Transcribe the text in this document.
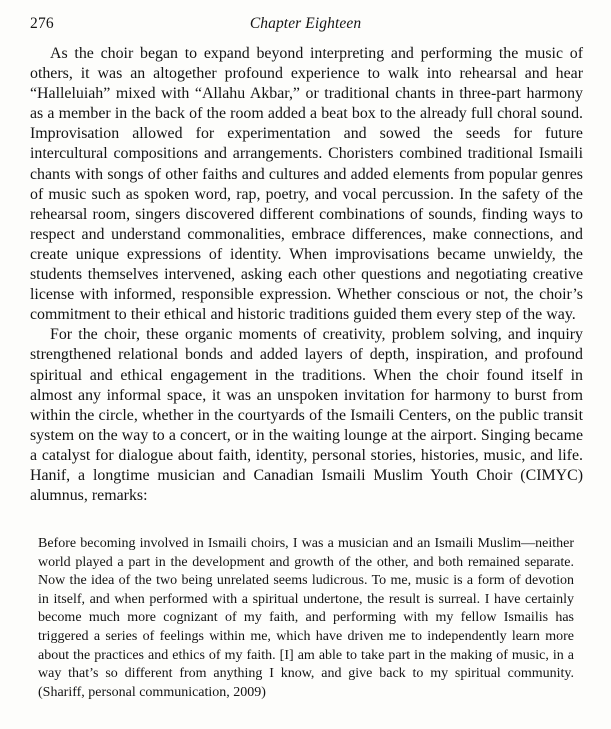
276	Chapter Eighteen

As the choir began to expand beyond interpreting and performing the music of others, it was an altogether profound experience to walk into rehearsal and hear “Halleluiah” mixed with “Allahu Akbar,” or traditional chants in three-part harmony as a member in the back of the room added a beat box to the already full choral sound. Improvisation allowed for experimentation and sowed the seeds for future intercultural compositions and arrangements. Choristers combined traditional Ismaili chants with songs of other faiths and cultures and added elements from popular genres of music such as spoken word, rap, poetry, and vocal percussion. In the safety of the rehearsal room, singers discovered different combinations of sounds, finding ways to respect and understand commonalities, embrace differences, make connections, and create unique expressions of identity. When improvisations became unwieldy, the students themselves intervened, asking each other questions and negotiating creative license with informed, responsible expression. Whether conscious or not, the choir’s commitment to their ethical and historic traditions guided them every step of the way.

For the choir, these organic moments of creativity, problem solving, and inquiry strengthened relational bonds and added layers of depth, inspiration, and profound spiritual and ethical engagement in the traditions. When the choir found itself in almost any informal space, it was an unspoken invitation for harmony to burst from within the circle, whether in the courtyards of the Ismaili Centers, on the public transit system on the way to a concert, or in the waiting lounge at the airport. Singing became a catalyst for dialogue about faith, identity, personal stories, histories, music, and life. Hanif, a longtime musician and Canadian Ismaili Muslim Youth Choir (CIMYC) alumnus, remarks:

Before becoming involved in Ismaili choirs, I was a musician and an Ismaili Muslim—neither world played a part in the development and growth of the other, and both remained separate. Now the idea of the two being unrelated seems ludicrous. To me, music is a form of devotion in itself, and when performed with a spiritual undertone, the result is surreal. I have certainly become much more cognizant of my faith, and performing with my fellow Ismailis has triggered a series of feelings within me, which have driven me to independently learn more about the practices and ethics of my faith. [I] am able to take part in the making of music, in a way that’s so different from anything I know, and give back to my spiritual community. (Shariff, personal communication, 2009)
